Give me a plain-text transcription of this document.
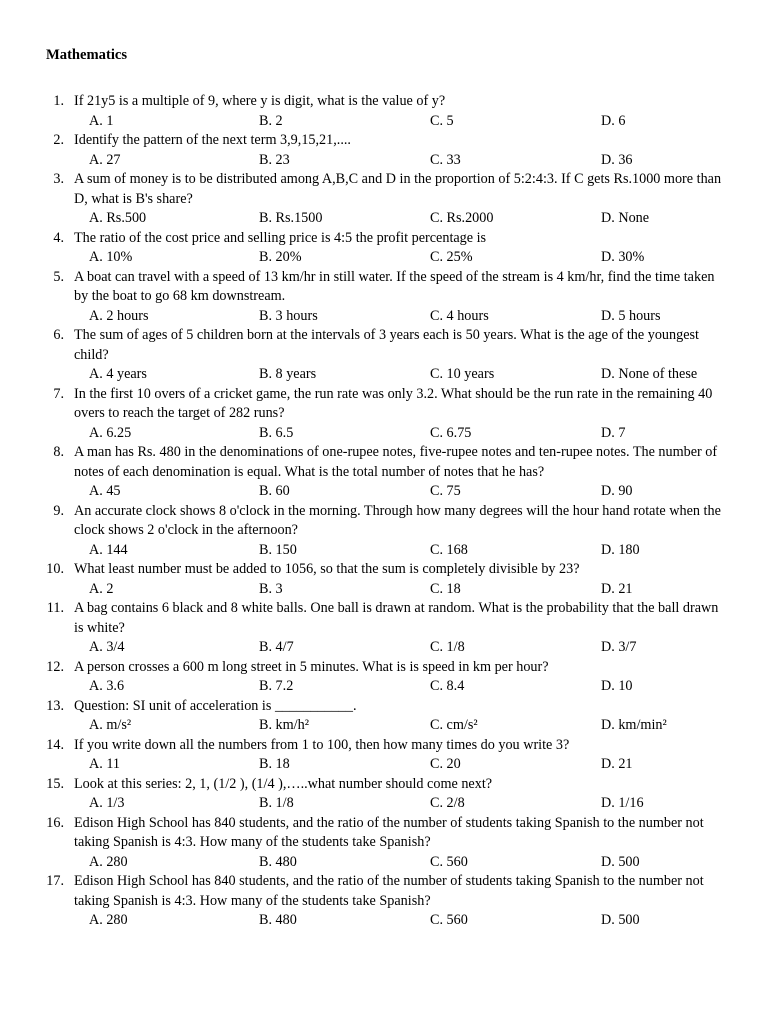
Mathematics
1. If 21y5 is a multiple of 9, where y is digit, what is the value of y?
A. 1	B. 2	C. 5	D. 6
2. Identify the pattern of the next term 3,9,15,21,....
A. 27	B. 23	C. 33	D. 36
3. A sum of money is to be distributed among A,B,C and D in the proportion of 5:2:4:3. If C gets Rs.1000 more than D, what is B's share?
A. Rs.500	B. Rs.1500	C. Rs.2000	D. None
4. The ratio of the cost price and selling price is 4:5 the profit percentage is
A. 10%	B. 20%	C. 25%	D. 30%
5. A boat can travel with a speed of 13 km/hr in still water. If the speed of the stream is 4 km/hr, find the time taken by the boat to go 68 km downstream.
A. 2 hours	B. 3 hours	C. 4 hours	D. 5 hours
6. The sum of ages of 5 children born at the intervals of 3 years each is 50 years. What is the age of the youngest child?
A. 4 years	B. 8 years	C. 10 years	D. None of these
7. In the first 10 overs of a cricket game, the run rate was only 3.2. What should be the run rate in the remaining 40 overs to reach the target of 282 runs?
A. 6.25	B. 6.5	C. 6.75	D. 7
8. A man has Rs. 480 in the denominations of one-rupee notes, five-rupee notes and ten-rupee notes. The number of notes of each denomination is equal. What is the total number of notes that he has?
A. 45	B. 60	C. 75	D. 90
9. An accurate clock shows 8 o'clock in the morning. Through how many degrees will the hour hand rotate when the clock shows 2 o'clock in the afternoon?
A. 144	B. 150	C. 168	D. 180
10. What least number must be added to 1056, so that the sum is completely divisible by 23?
A. 2	B. 3	C. 18	D. 21
11. A bag contains 6 black and 8 white balls. One ball is drawn at random. What is the probability that the ball drawn is white?
A. 3/4	B. 4/7	C. 1/8	D. 3/7
12. A person crosses a 600 m long street in 5 minutes. What is is speed in km per hour?
A. 3.6	B. 7.2	C. 8.4	D. 10
13. Question: SI unit of acceleration is ___________.
A. m/s²	B. km/h²	C. cm/s²	D. km/min²
14. If you write down all the numbers from 1 to 100, then how many times do you write 3?
A. 11	B. 18	C. 20	D. 21
15. Look at this series: 2, 1, (1/2 ), (1/4 ),…..what number should come next?
A. 1/3	B. 1/8	C. 2/8	D. 1/16
16. Edison High School has 840 students, and the ratio of the number of students taking Spanish to the number not taking Spanish is 4:3. How many of the students take Spanish?
A. 280	B. 480	C. 560	D. 500
17. Edison High School has 840 students, and the ratio of the number of students taking Spanish to the number not taking Spanish is 4:3. How many of the students take Spanish?
A. 280	B. 480	C. 560	D. 500
